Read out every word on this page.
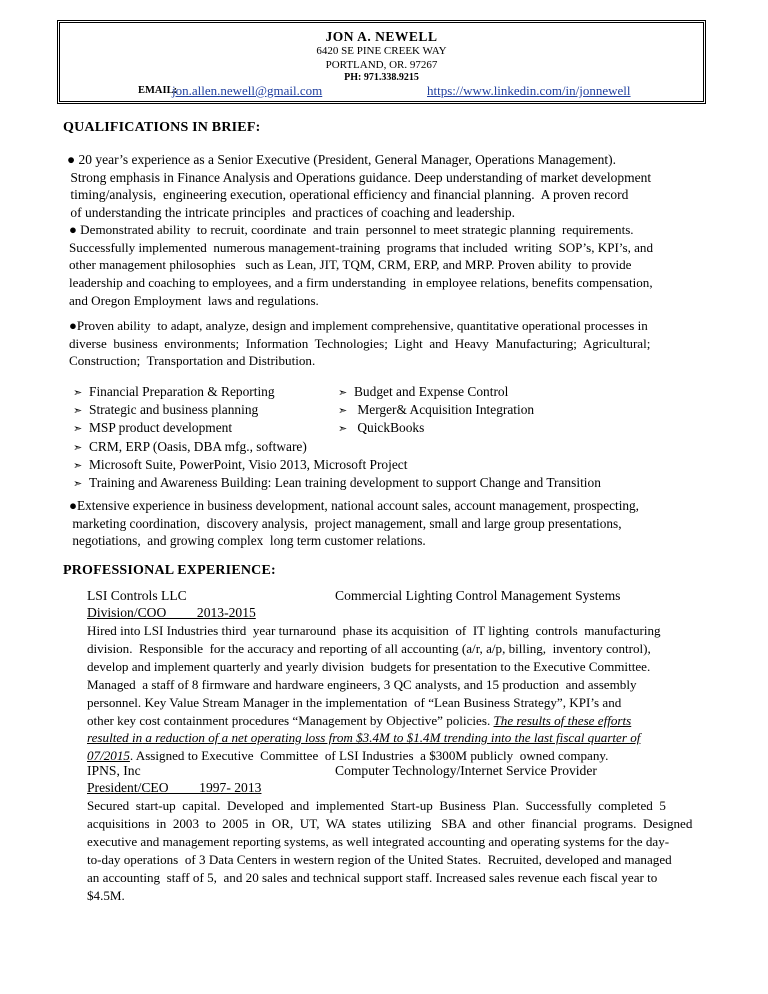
JON A. NEWELL
6420 SE PINE CREEK WAY
PORTLAND, OR. 97267
PH: 971.338.9215
EMAIL:
jon.allen.newell@gmail.com	https://www.linkedin.com/in/jonnewell
QUALIFICATIONS IN BRIEF:
● 20 year’s experience as a Senior Executive (President, General Manager, Operations Management).
Strong emphasis in Finance Analysis and Operations guidance. Deep understanding of market development
timing/analysis,  engineering execution, operational efficiency and financial planning.  A proven record
of understanding the intricate principles  and practices of coaching and leadership.
● Demonstrated ability  to recruit, coordinate  and train  personnel to meet strategic planning  requirements.
Successfully implemented  numerous management-training  programs that included  writing  SOP’s, KPI’s, and
other management philosophies   such as Lean, JIT, TQM, CRM, ERP, and MRP. Proven ability  to provide
leadership and coaching to employees, and a firm understanding  in employee relations, benefits compensation,
and Oregon Employment  laws and regulations.
●Proven ability  to adapt, analyze, design and implement comprehensive, quantitative operational processes in
diverse  business  environments;  Information  Technologies;  Light  and  Heavy  Manufacturing;  Agricultural;
Construction;  Transportation and Distribution.
➣ Financial Preparation & Reporting	➣ Budget and Expense Control
➣ Strategic and business planning	➣ Merger& Acquisition Integration
➣ MSP product development	➣ QuickBooks
➣ CRM, ERP (Oasis, DBA mfg., software)
➣ Microsoft Suite, PowerPoint, Visio 2013, Microsoft Project
➣ Training and Awareness Building: Lean training development to support Change and Transition
●Extensive experience in business development, national account sales, account management, prospecting,
marketing coordination,  discovery analysis,  project management, small and large group presentations,
negotiations,  and growing complex  long term customer relations.
PROFESSIONAL EXPERIENCE:
LSI Controls LLC	Commercial Lighting Control Management Systems
Division/COO         2013-2015
Hired into LSI Industries third  year turnaround  phase its acquisition  of  IT lighting  controls  manufacturing
division.  Responsible  for the accuracy and reporting of all accounting (a/r, a/p, billing,  inventory control),
develop and implement quarterly and yearly division  budgets for presentation to the Executive Committee.
Managed  a staff of 8 firmware and hardware engineers, 3 QC analysts, and 15 production  and assembly
personnel. Key Value Stream Manager in the implementation  of “Lean Business Strategy”, KPI’s and
other key cost containment procedures “Management by Objective” policies. The results of these efforts
resulted in a reduction of a net operating loss from $3.4M to $1.4M trending into the last fiscal quarter of
07/2015. Assigned to Executive  Committee  of LSI Industries  a $300M publicly  owned company.
IPNS, Inc	Computer Technology/Internet Service Provider
President/CEO         1997- 2013
Secured  start-up  capital.  Developed  and  implemented  Start-up  Business  Plan.  Successfully  completed  5
acquisitions  in  2003  to  2005  in  OR,  UT,  WA  states  utilizing   SBA  and  other  financial  programs.  Designed
executive and management reporting systems, as well integrated accounting and operating systems for the day-
to-day operations  of 3 Data Centers in western region of the United States.  Recruited, developed and managed
an accounting  staff of 5,  and 20 sales and technical support staff. Increased sales revenue each fiscal year to
$4.5M.
